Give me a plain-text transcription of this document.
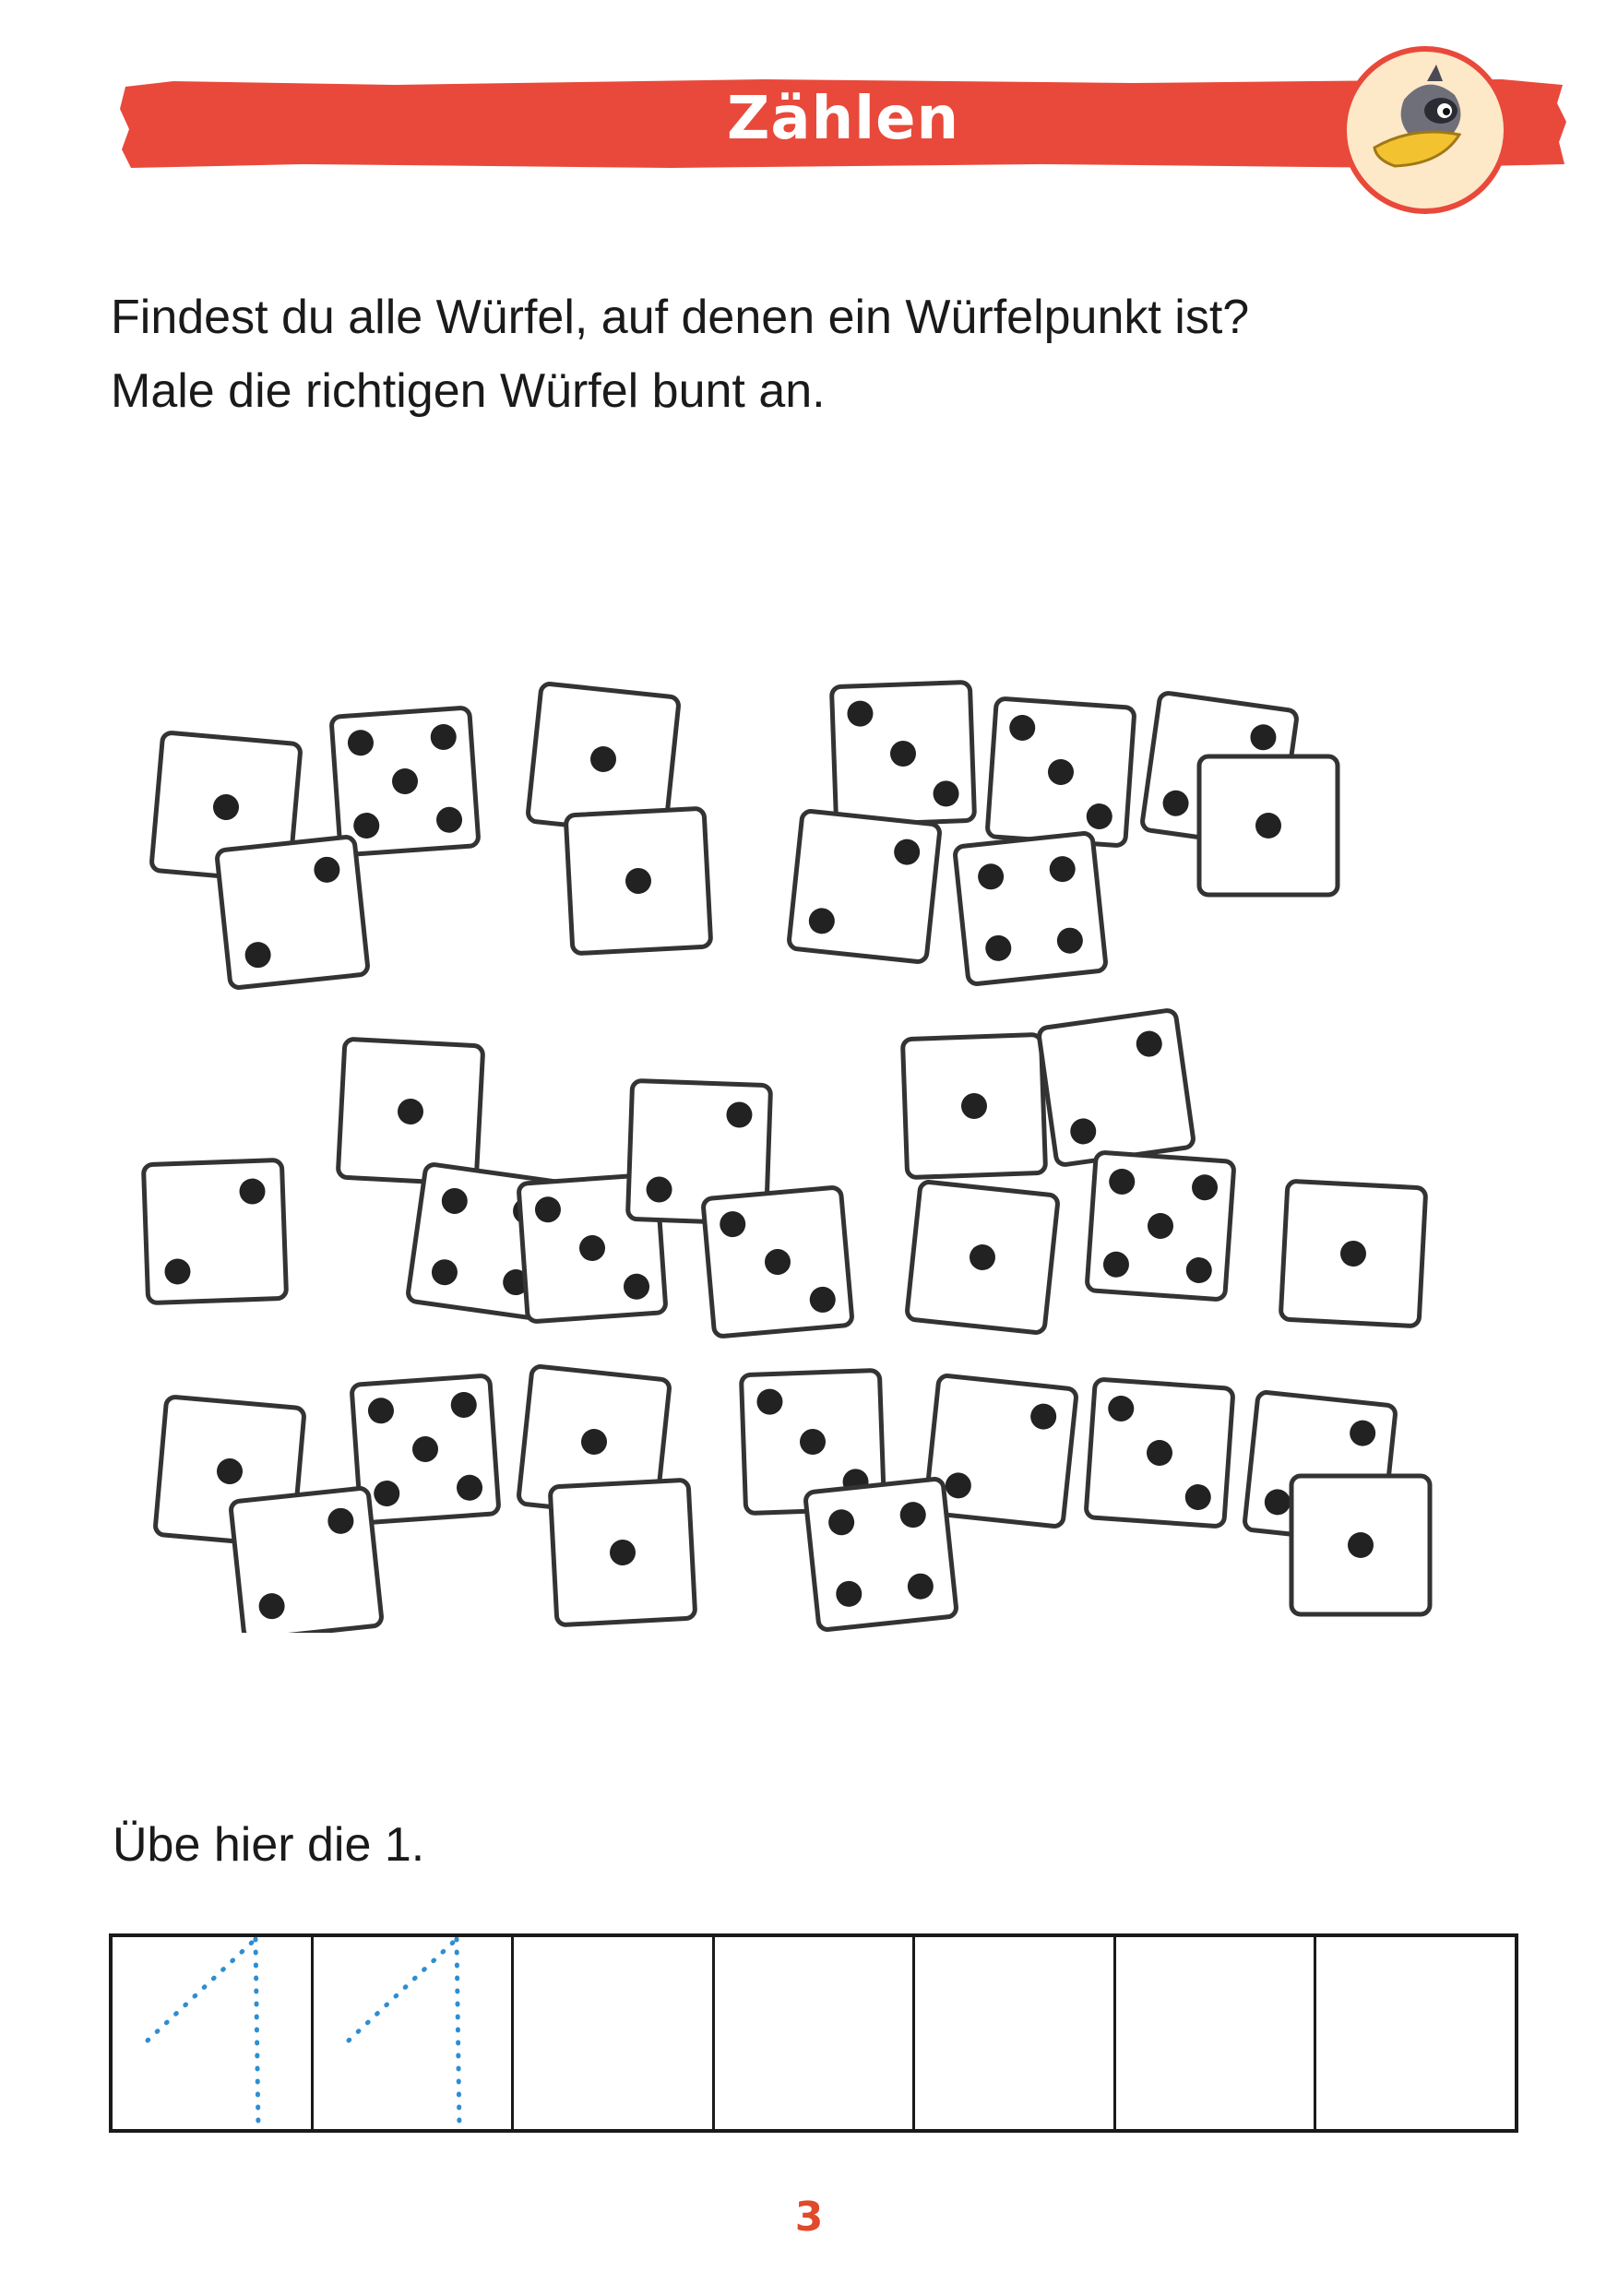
Zählen
Findest du alle Würfel, auf denen ein Würfelpunkt ist?
Male die richtigen Würfel bunt an.
Übe hier die 1.
3
